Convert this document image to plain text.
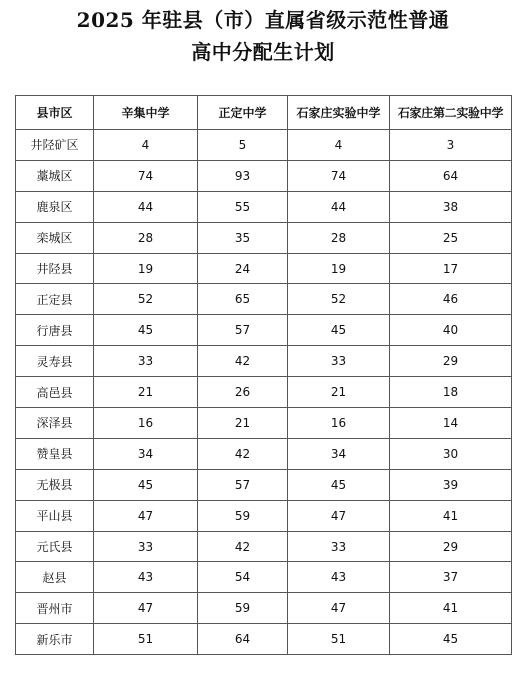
2025 年驻县（市）直属省级示范性普通
高中分配生计划
县市区	辛集中学	正定中学	石家庄实验中学	石家庄第二实验中学
井陉矿区	4	5	4	3
藁城区	74	93	74	64
鹿泉区	44	55	44	38
栾城区	28	35	28	25
井陉县	19	24	19	17
正定县	52	65	52	46
行唐县	45	57	45	40
灵寿县	33	42	33	29
高邑县	21	26	21	18
深泽县	16	21	16	14
赞皇县	34	42	34	30
无极县	45	57	45	39
平山县	47	59	47	41
元氏县	33	42	33	29
赵县	43	54	43	37
晋州市	47	59	47	41
新乐市	51	64	51	45
